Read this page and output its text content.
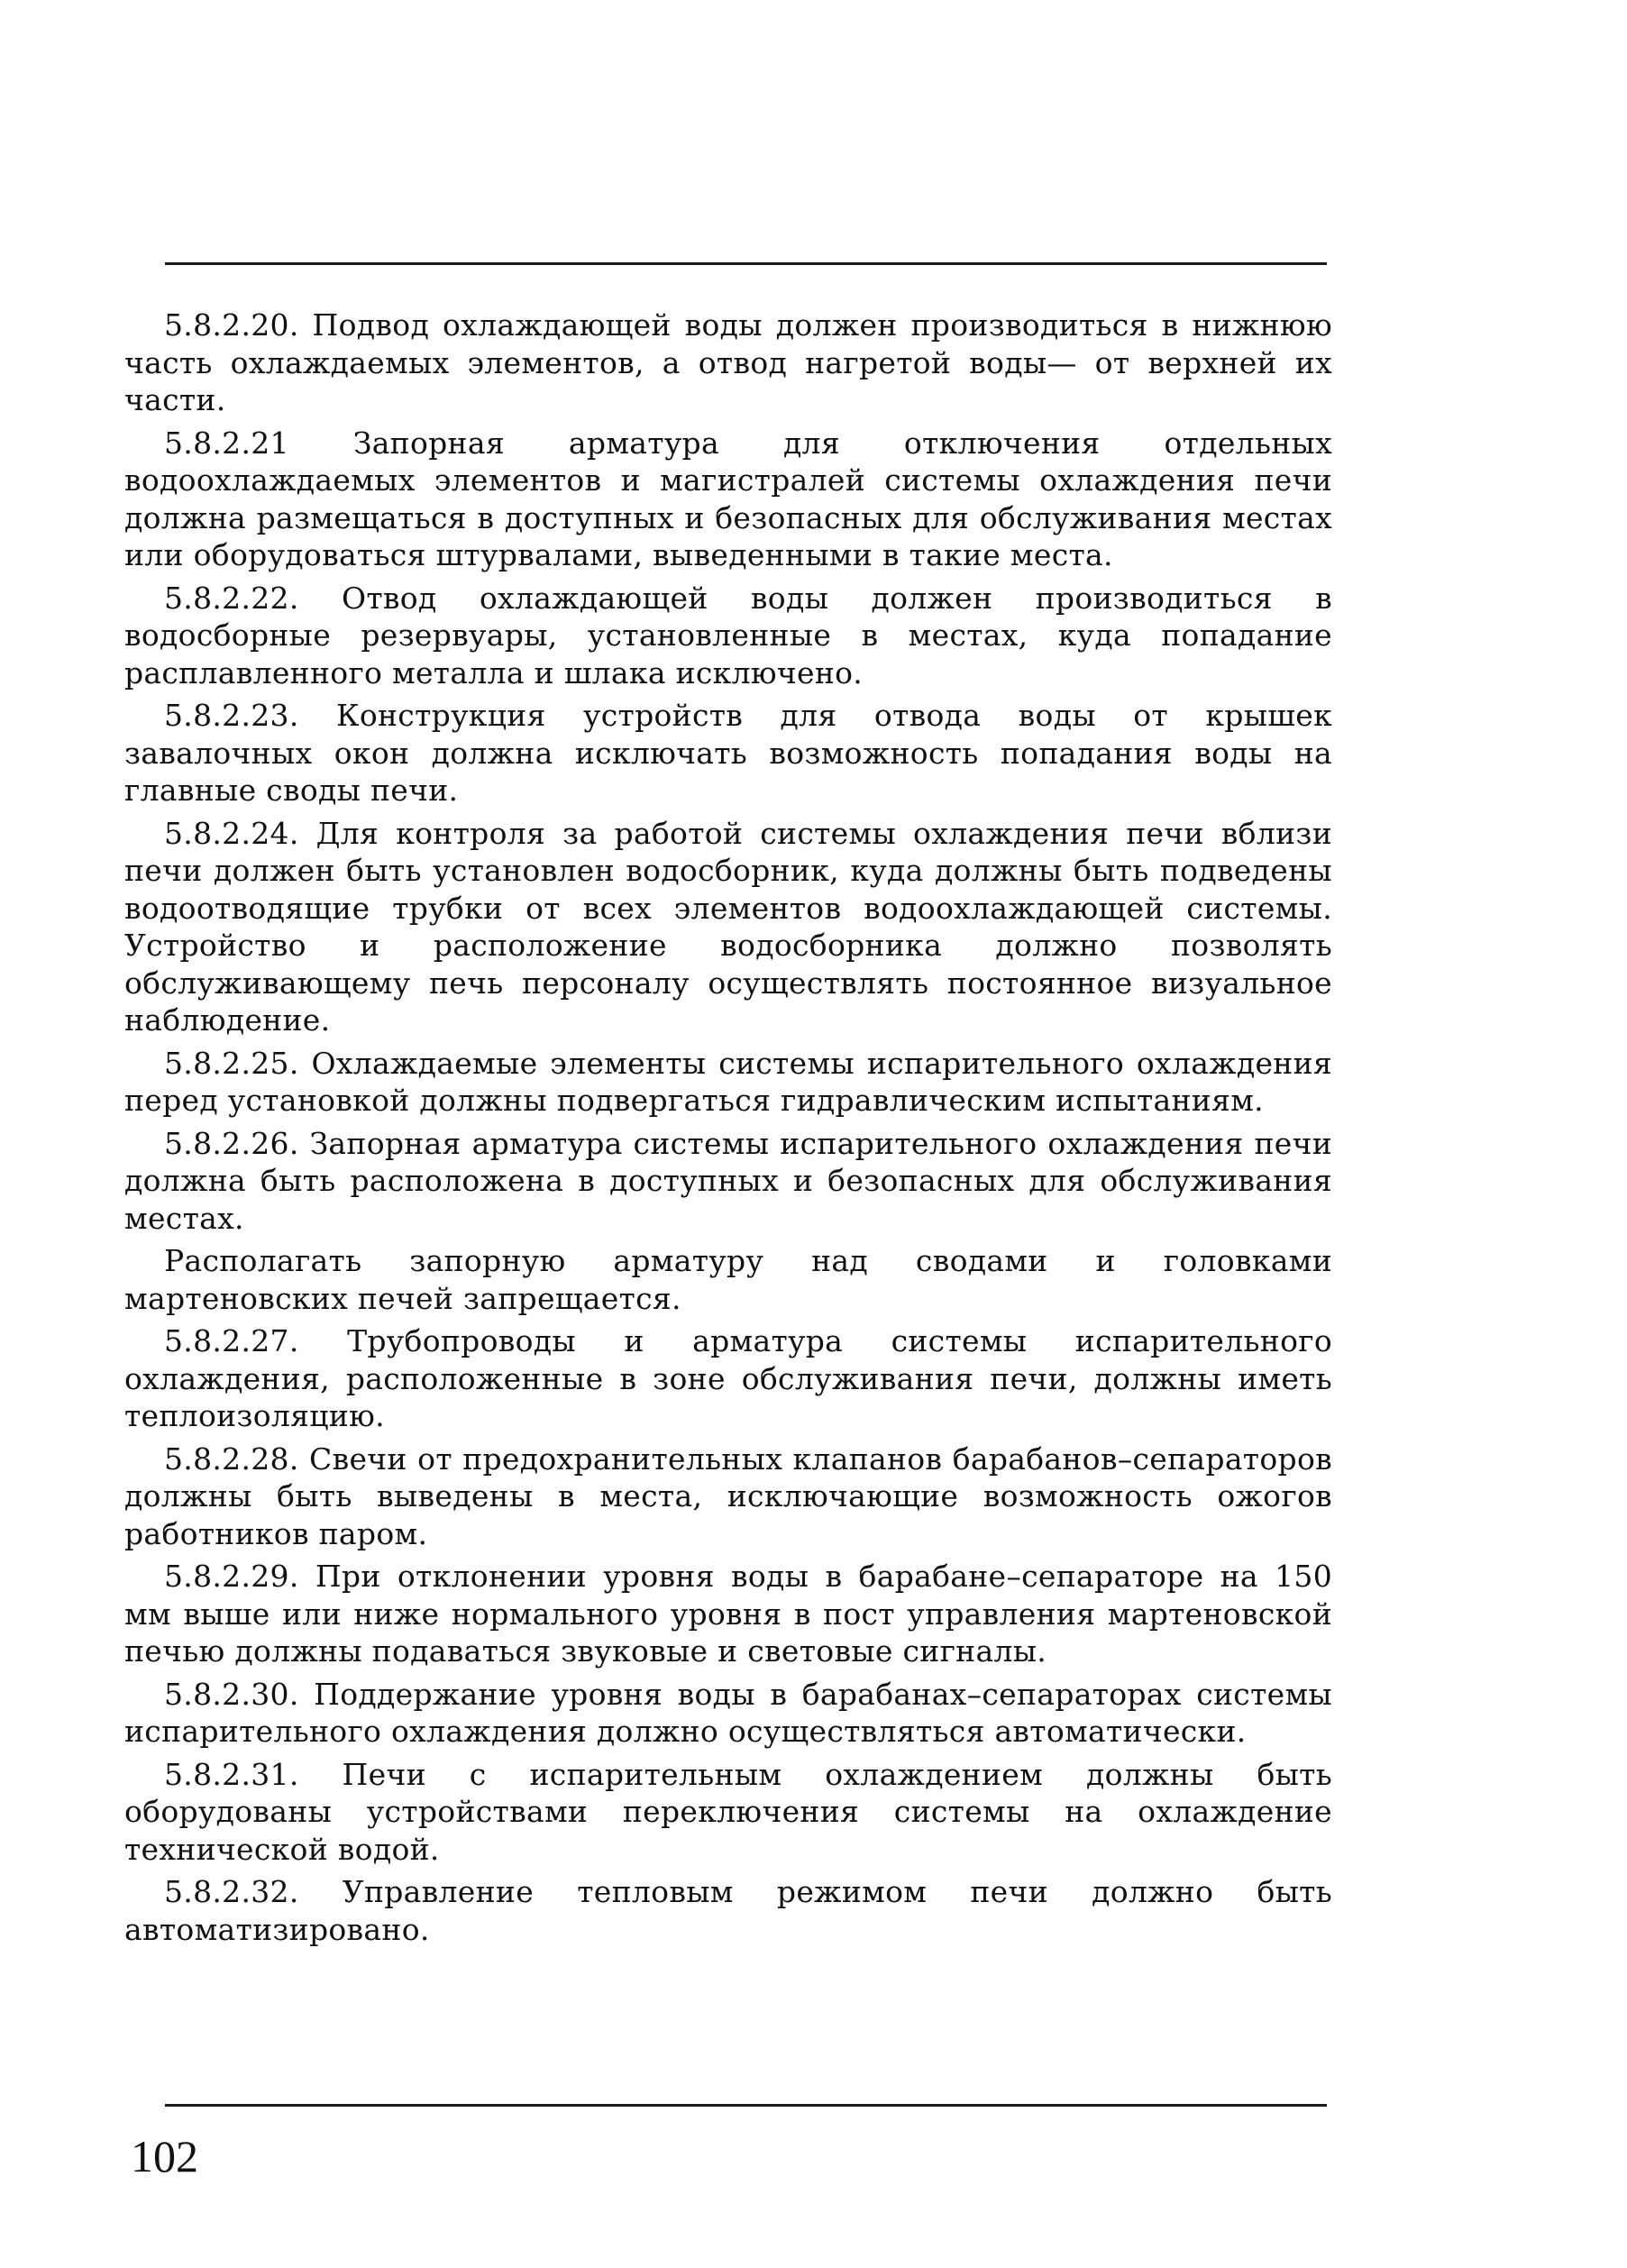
5.8.2.20. Подвод охлаждающей воды должен производиться в нижнюю часть охлаждаемых элементов, а отвод нагретой воды— от верхней их части.

5.8.2.21 Запорная арматура для отключения отдельных водоохлаждаемых элементов и магистралей системы охлаждения печи должна размещаться в доступных и безопасных для обслуживания местах или оборудоваться штурвалами, выведенными в такие места.

5.8.2.22. Отвод охлаждающей воды должен производиться в водосборные резервуары, установленные в местах, куда попадание расплавленного металла и шлака исключено.

5.8.2.23. Конструкция устройств для отвода воды от крышек завалочных окон должна исключать возможность попадания воды на главные своды печи.

5.8.2.24. Для контроля за работой системы охлаждения печи вблизи печи должен быть установлен водосборник, куда должны быть подведены водоотводящие трубки от всех элементов водоохлаждающей системы. Устройство и расположение водосборника должно позволять обслуживающему печь персоналу осуществлять постоянное визуальное наблюдение.

5.8.2.25. Охлаждаемые элементы системы испарительного охлаждения перед установкой должны подвергаться гидравлическим испытаниям.

5.8.2.26. Запорная арматура системы испарительного охлаждения печи должна быть расположена в доступных и безопасных для обслуживания местах.

Располагать запорную арматуру над сводами и головками мартеновских печей запрещается.

5.8.2.27. Трубопроводы и арматура системы испарительного охлаждения, расположенные в зоне обслуживания печи, должны иметь теплоизоляцию.

5.8.2.28. Свечи от предохранительных клапанов барабанов–сепараторов должны быть выведены в места, исключающие возможность ожогов работников паром.

5.8.2.29. При отклонении уровня воды в барабане–сепараторе на 150 мм выше или ниже нормального уровня в пост управления мартеновской печью должны подаваться звуковые и световые сигналы.

5.8.2.30. Поддержание уровня воды в барабанах–сепараторах системы испарительного охлаждения должно осуществляться автоматически.

5.8.2.31. Печи с испарительным охлаждением должны быть оборудованы устройствами переключения системы на охлаждение технической водой.

5.8.2.32. Управление тепловым режимом печи должно быть автоматизировано.

102
